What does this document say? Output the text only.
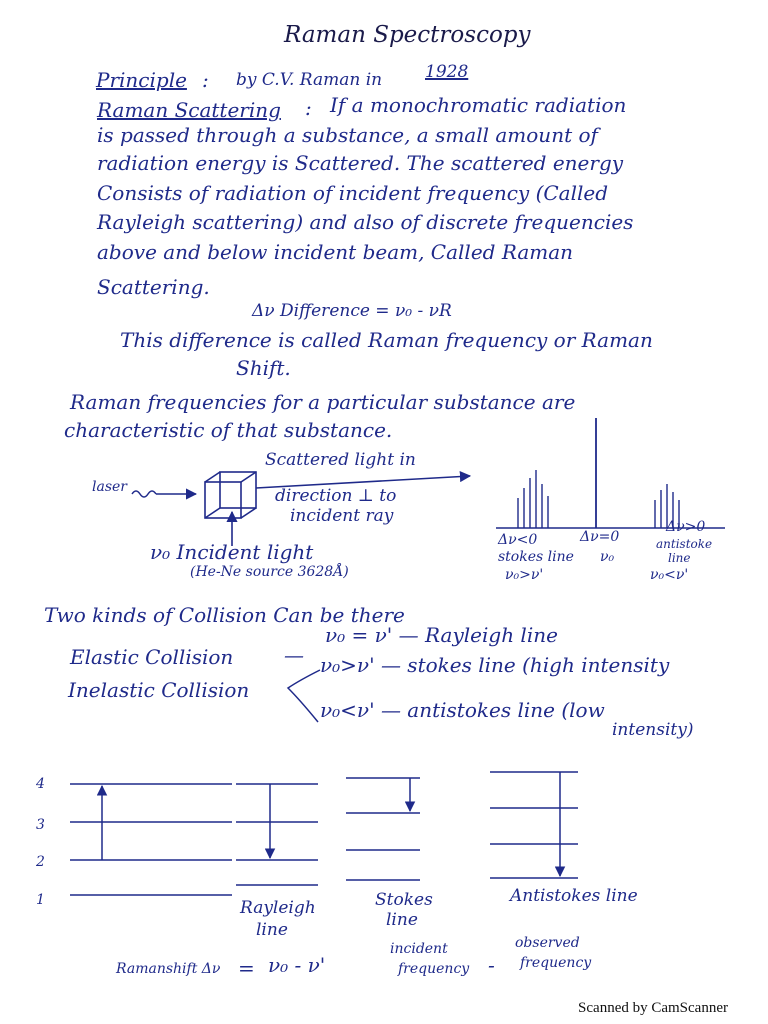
Raman Spectroscopy
Principle : by C.V. Raman in	1928
Raman Scattering : If a monochromatic radiation
is passed through a substance, a small amount of
radiation energy is Scattered. The scattered energy
Consists of radiation of incident frequency (Called
Rayleigh scattering) and also of discrete frequencies
above and below incident beam, Called Raman
Scattering.
Δν Difference = ν₀ - νR
This difference is called Raman frequency or Raman
Shift.
Raman frequencies for a particular substance are
characteristic of that substance.
laser
Scattered light in
direction ⊥ to
incident ray
ν₀ Incident light
(He-Ne source 3628Å)
Δν<0	Δν=0
Δν>0
stokes line ν₀
antistoke
line
ν₀>ν'	ν₀<ν'
Two kinds of Collision Can be there
Elastic Collision	—
ν₀ = ν' — Rayleigh line
Inelastic Collision
ν₀>ν' — stokes line (high intensity
ν₀<ν' — antistokes line (low
intensity)
4
3
2
1	Rayleigh
line
Stokes
line
Antistokes line
Ramanshift Δν = ν₀ - ν'
incident
frequency -
observed
frequency
Scanned by CamScanner
